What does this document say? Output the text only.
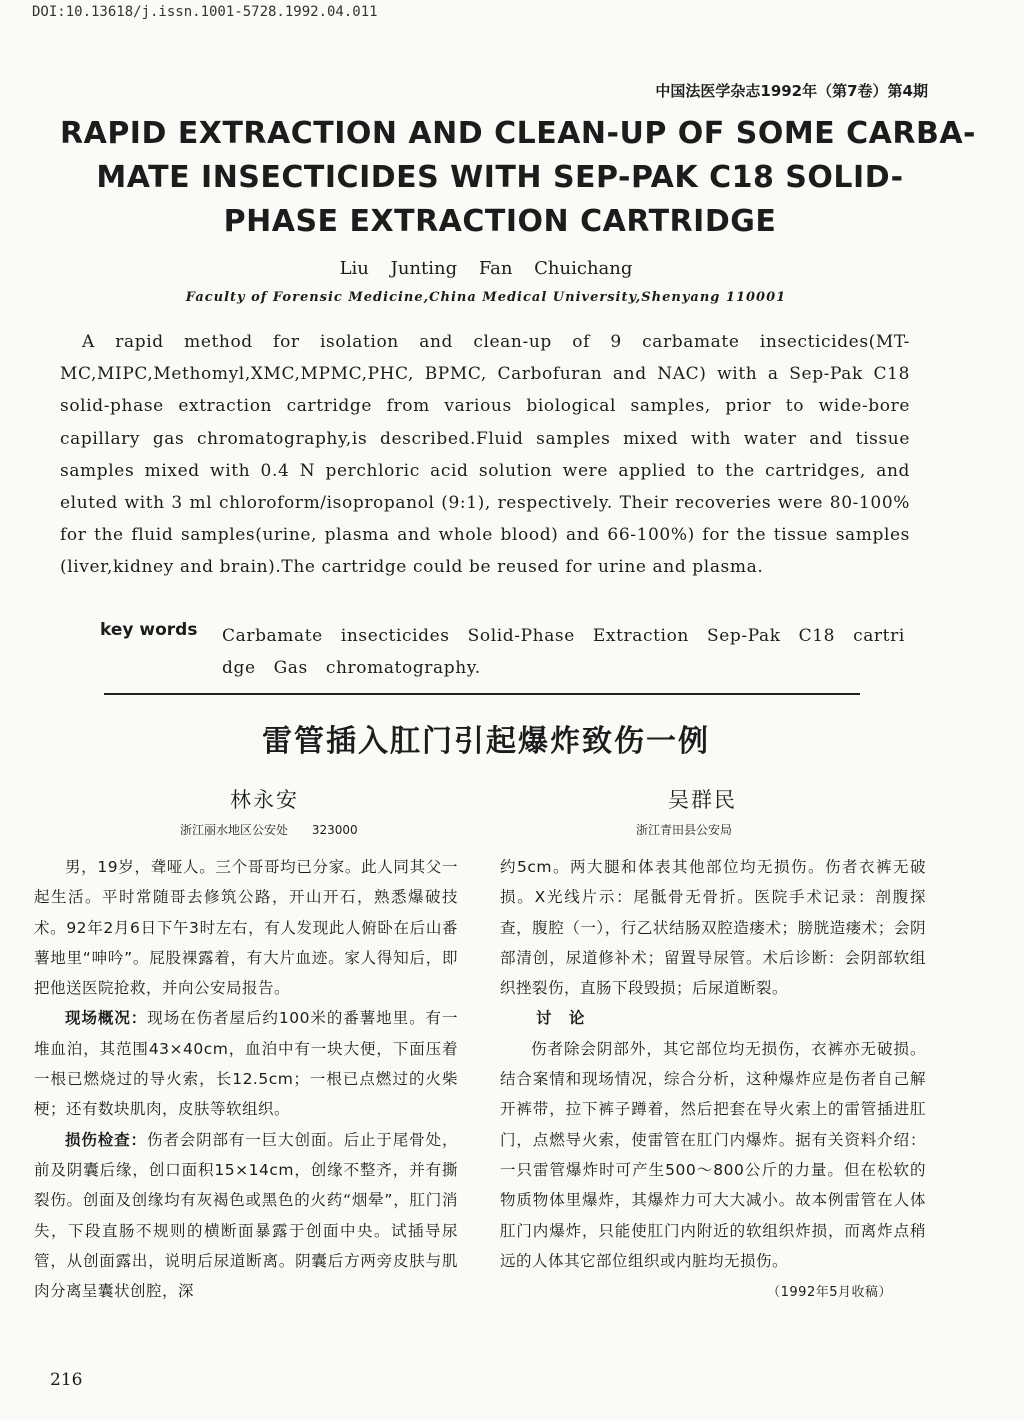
DOI:10.13618/j.issn.1001-5728.1992.04.011
中国法医学杂志1992年（第7卷）第4期
RAPID EXTRACTION AND CLEAN-UP OF SOME CARBA-
MATE INSECTICIDES WITH SEP-PAK C18 SOLID-
PHASE EXTRACTION CARTRIDGE
Liu Junting Fan Chuichang
Faculty of Forensic Medicine,China Medical University,Shenyang 110001

A rapid method for isolation and clean-up of 9 carbamate insecticides(MT-MC,MIPC,Methomyl,XMC,MPMC,PHC, BPMC, Carbofuran and NAC) with a Sep-Pak C18 solid-phase extraction cartridge from various biological samples, prior to wide-bore capillary gas chromatography,is described.Fluid samples mixed with water and tissue samples mixed with 0.4 N perchloric acid solution were applied to the cartridges, and eluted with 3 ml chloroform/isopropanol (9:1), respectively. Their recoveries were 80-100% for the fluid samples(urine, plasma and whole blood) and 66-100%) for the tissue samples (liver,kidney and brain).The cartridge could be reused for urine and plasma.

key words Carbamate insecticides Solid-Phase Extraction Sep-Pak C18 cartri dge Gas chromatography.
雷管插入肛门引起爆炸致伤一例
林永安	吴群民
浙江丽水地区公安处 323000	浙江青田县公安局

男，19岁，聋哑人。三个哥哥均已分家。此人同其父一起生活。平时常随哥去修筑公路，开山开石，熟悉爆破技术。92年2月6日下午3时左右，有人发现此人俯卧在后山番薯地里“呻吟”。屁股裸露着，有大片血迹。家人得知后，即把他送医院抢救，并向公安局报告。

现场概况：现场在伤者屋后约100米的番薯地里。有一堆血泊，其范围43×40cm，血泊中有一块大便，下面压着一根已燃烧过的导火索，长12.5cm；一根已点燃过的火柴梗；还有数块肌肉，皮肤等软组织。

损伤检查：伤者会阴部有一巨大创面。后止于尾骨处，前及阴囊后缘，创口面积15×14cm，创缘不整齐，并有撕裂伤。创面及创缘均有灰褐色或黑色的火药“烟晕”，肛门消失，下段直肠不规则的横断面暴露于创面中央。试插导尿管，从创面露出，说明后尿道断离。阴囊后方两旁皮肤与肌肉分离呈囊状创腔，深

约5cm。两大腿和体表其他部位均无损伤。伤者衣裤无破损。X光线片示：尾骶骨无骨折。医院手术记录：剖腹探查，腹腔（一），行乙状结肠双腔造瘘术；膀胱造瘘术；会阴部清创，尿道修补术；留置导尿管。术后诊断：会阴部软组织挫裂伤，直肠下段毁损；后尿道断裂。

讨 论

伤者除会阴部外，其它部位均无损伤，衣裤亦无破损。结合案情和现场情况，综合分析，这种爆炸应是伤者自己解开裤带，拉下裤子蹲着，然后把套在导火索上的雷管插进肛门，点燃导火索，使雷管在肛门内爆炸。据有关资料介绍：一只雷管爆炸时可产生500～800公斤的力量。但在松软的物质物体里爆炸，其爆炸力可大大减小。故本例雷管在人体肛门内爆炸，只能使肛门内附近的软组织炸损，而离炸点稍远的人体其它部位组织或内脏均无损伤。

（1992年5月收稿）

216
